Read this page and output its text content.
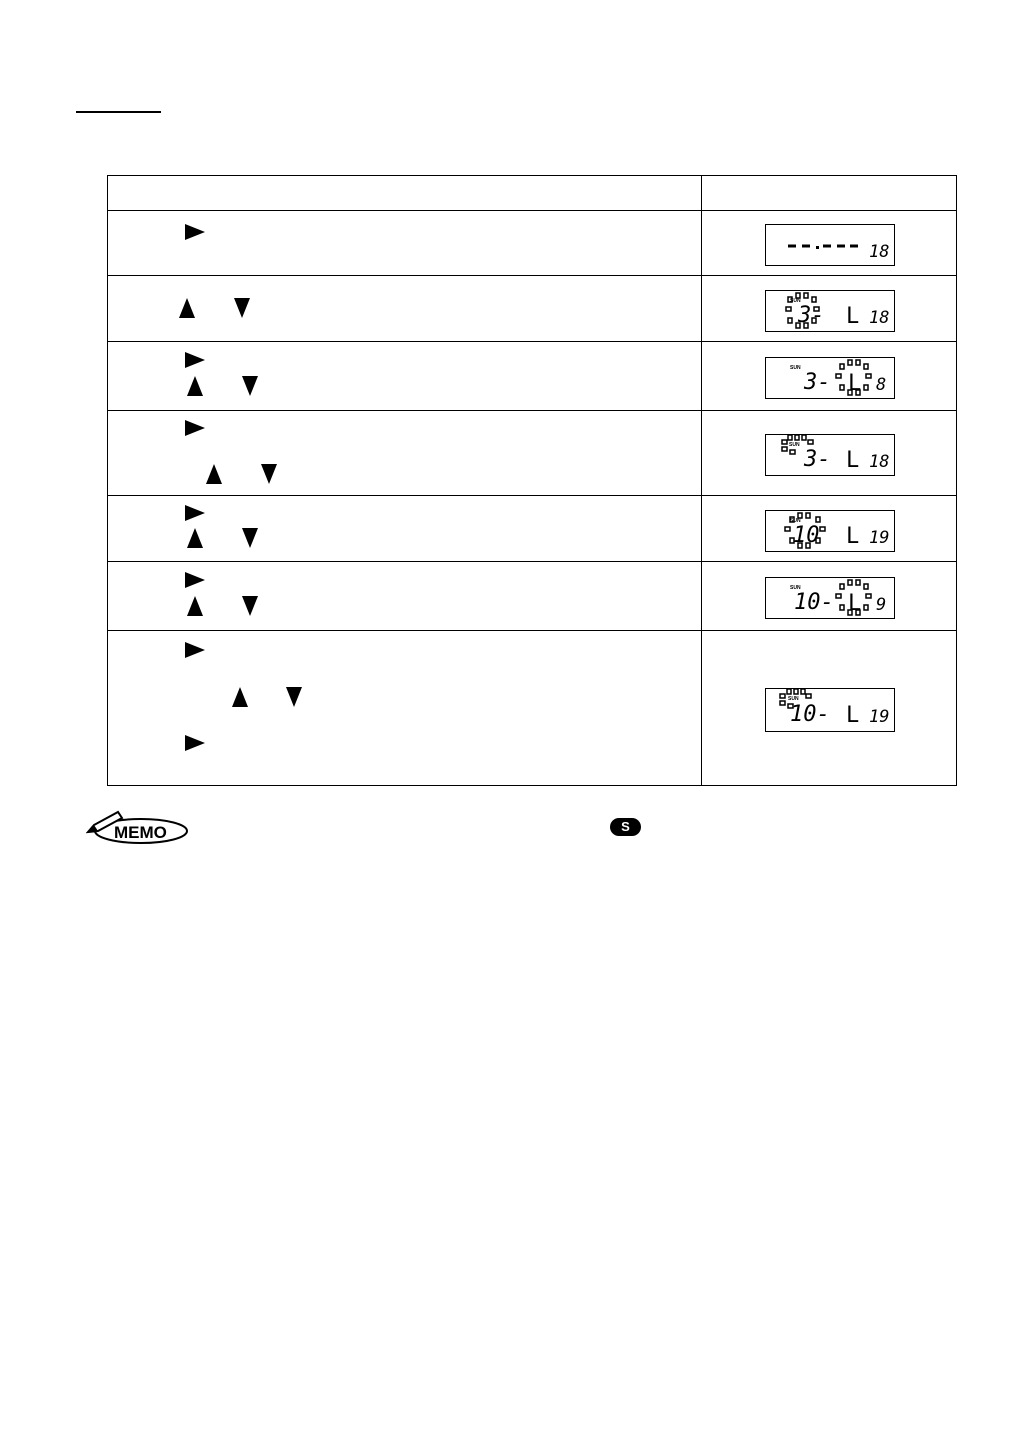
18

SUN
3- L 18

SUN
3- L 8

SUN
3- L 18

SUN
10 L 19

SUN
10- L 9

SUN
10- L 19
MEMO	S
